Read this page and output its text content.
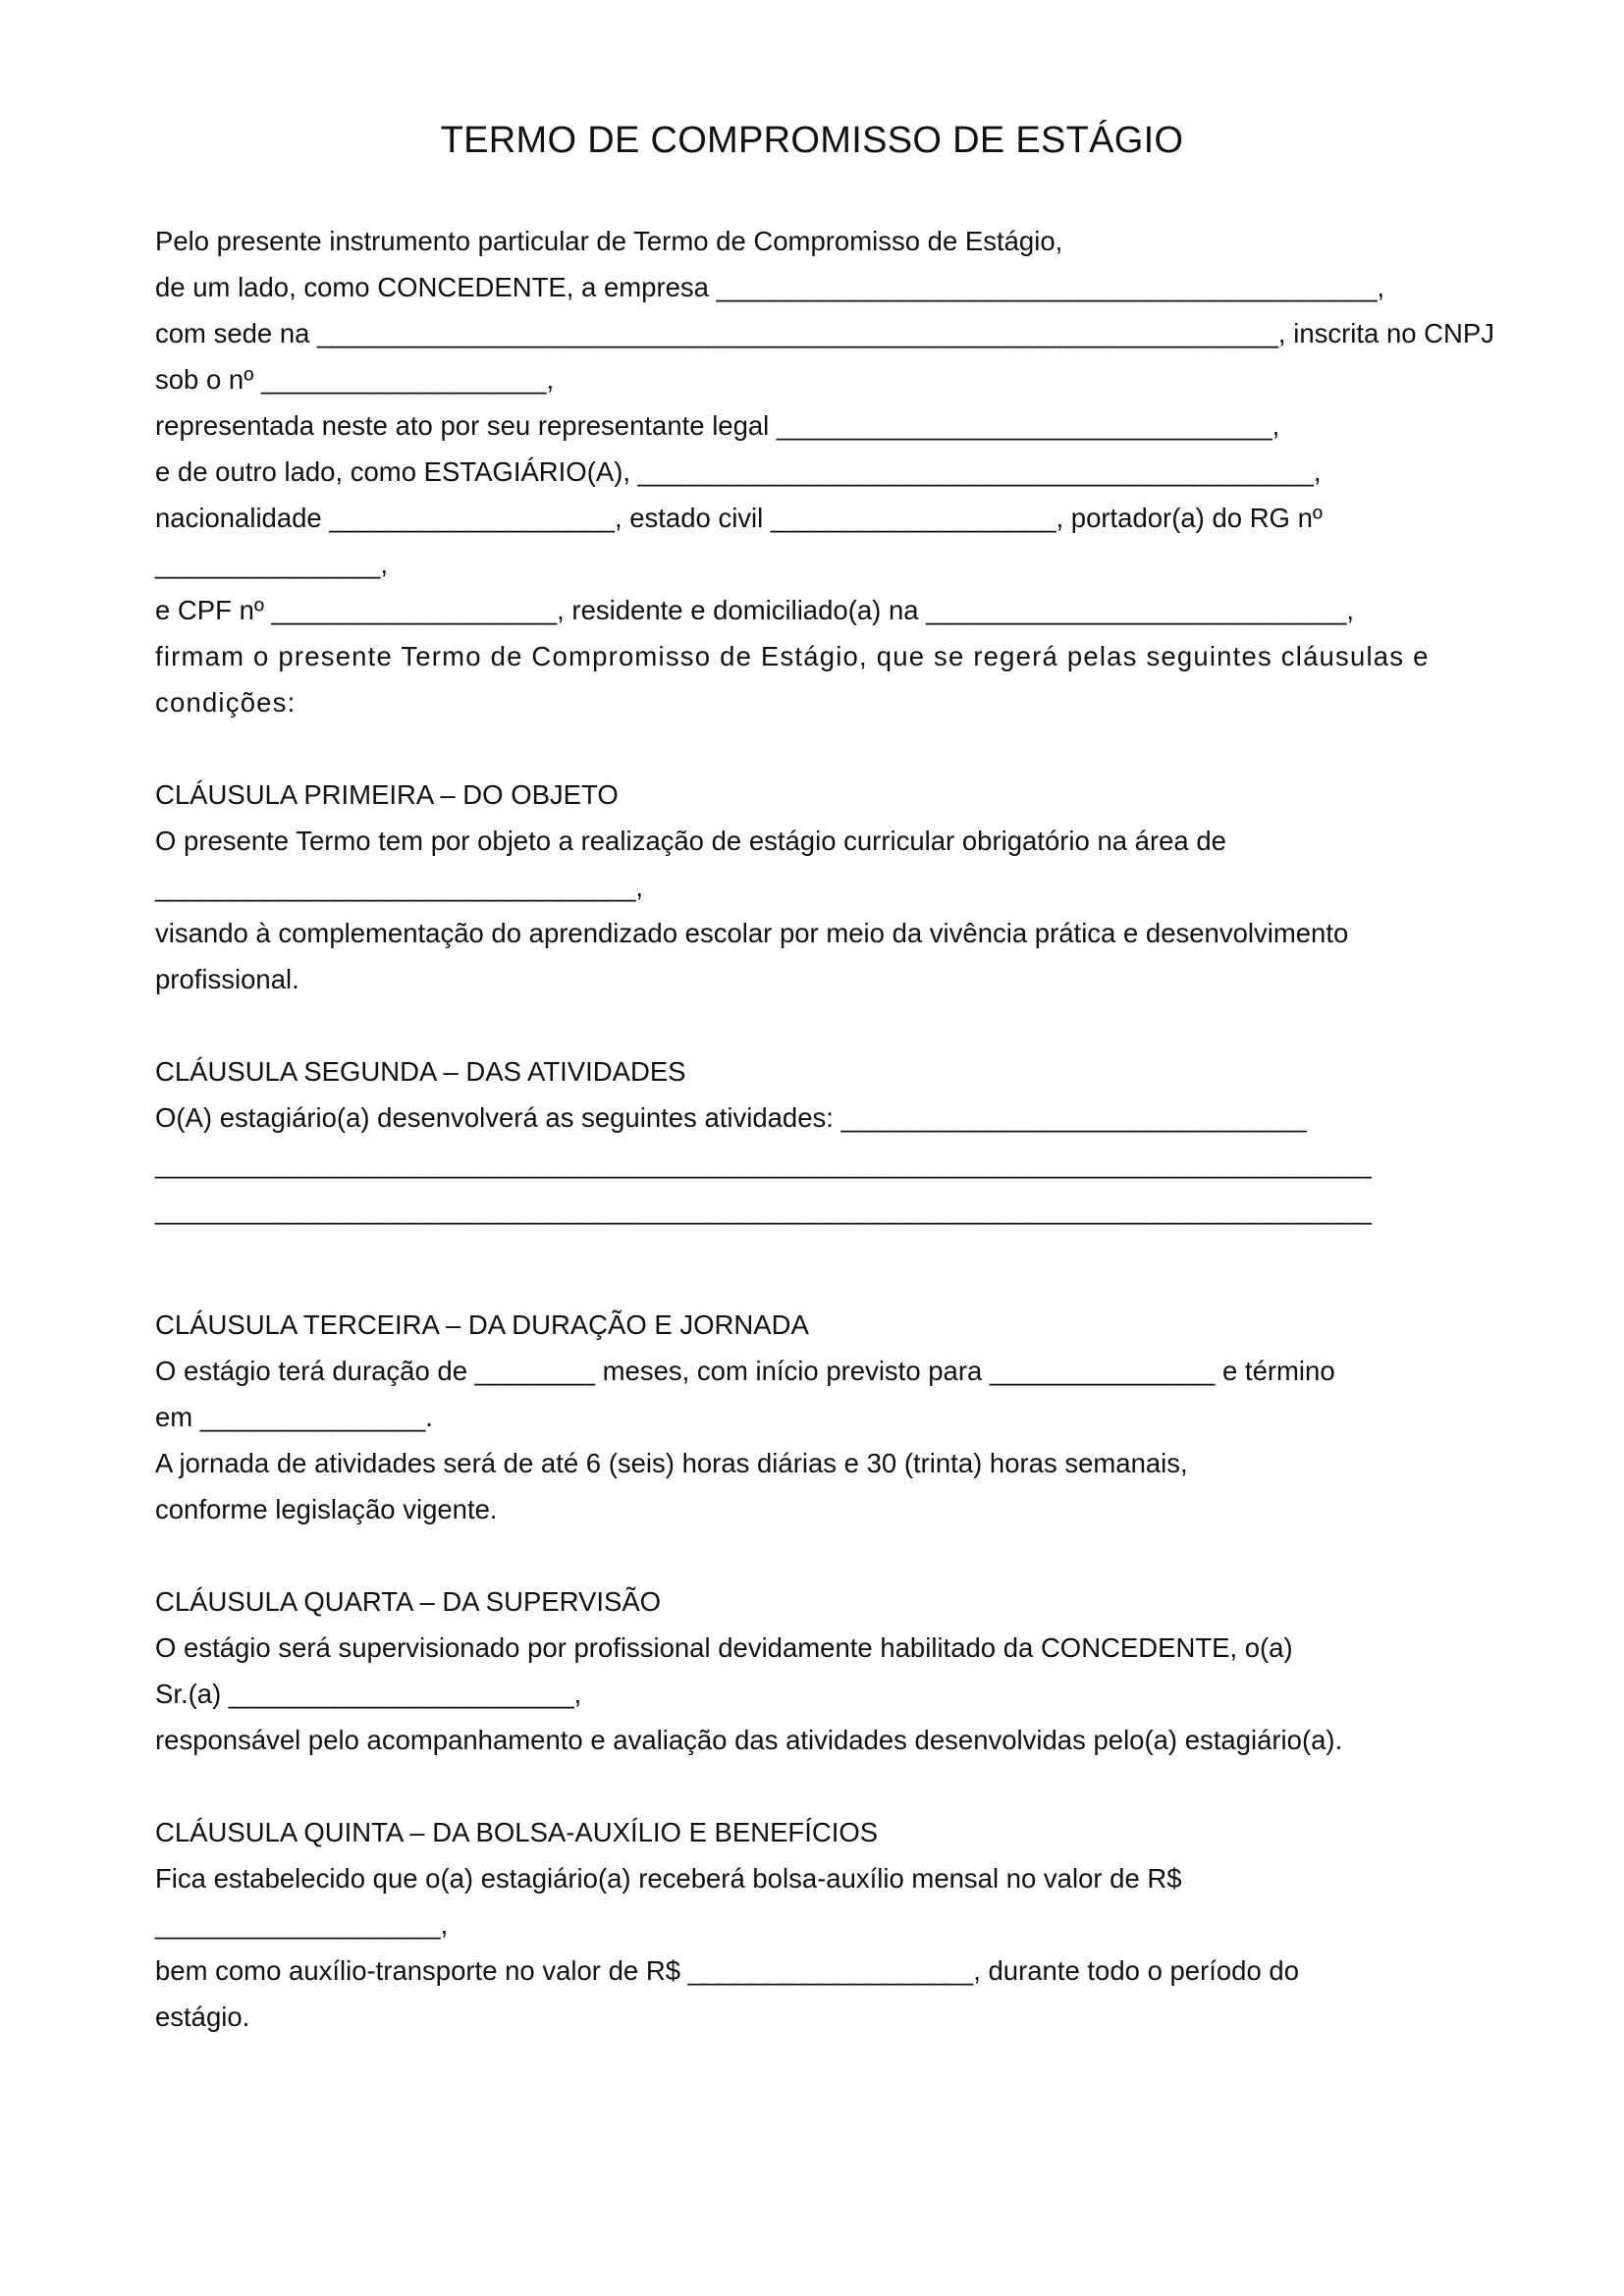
TERMO DE COMPROMISSO DE ESTÁGIO
Pelo presente instrumento particular de Termo de Compromisso de Estágio,
de um lado, como CONCEDENTE, a empresa ____________________________________________,
com sede na ________________________________________________________________, inscrita no CNPJ
sob o nº ___________________,
representada neste ato por seu representante legal _________________________________,
e de outro lado, como ESTAGIÁRIO(A), _____________________________________________,
nacionalidade ___________________, estado civil ___________________, portador(a) do RG nº
_______________,
e CPF nº ___________________, residente e domiciliado(a) na ____________________________,
firmam o presente Termo de Compromisso de Estágio, que se regerá pelas seguintes cláusulas e
condições:
CLÁUSULA PRIMEIRA – DO OBJETO
O presente Termo tem por objeto a realização de estágio curricular obrigatório na área de
________________________________,
visando à complementação do aprendizado escolar por meio da vivência prática e desenvolvimento
profissional.
CLÁUSULA SEGUNDA – DAS ATIVIDADES
O(A) estagiário(a) desenvolverá as seguintes atividades: _______________________________
_________________________________________________________________________________
_________________________________________________________________________________
CLÁUSULA TERCEIRA – DA DURAÇÃO E JORNADA
O estágio terá duração de ________ meses, com início previsto para _______________ e término
em _______________.
A jornada de atividades será de até 6 (seis) horas diárias e 30 (trinta) horas semanais,
conforme legislação vigente.
CLÁUSULA QUARTA – DA SUPERVISÃO
O estágio será supervisionado por profissional devidamente habilitado da CONCEDENTE, o(a)
Sr.(a) _______________________,
responsável pelo acompanhamento e avaliação das atividades desenvolvidas pelo(a) estagiário(a).
CLÁUSULA QUINTA – DA BOLSA-AUXÍLIO E BENEFÍCIOS
Fica estabelecido que o(a) estagiário(a) receberá bolsa-auxílio mensal no valor de R$
___________________,
bem como auxílio-transporte no valor de R$ ___________________, durante todo o período do
estágio.
